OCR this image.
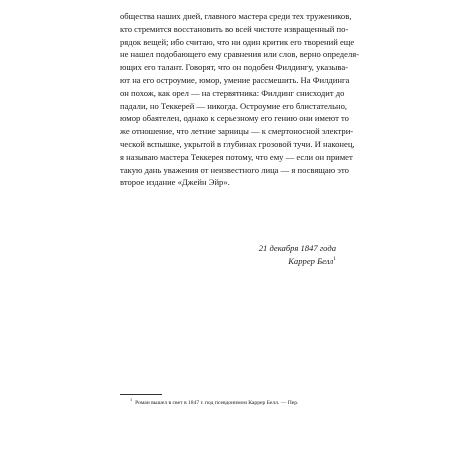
общества наших дней, главного мастера среди тех тружеников,
кто стремится восстановить во всей чистоте извращенный по-
рядок вещей; ибо считаю, что ни один критик его творений еще
не нашел подобающего ему сравнения или слов, верно определя-
ющих его талант. Говорят, что он подобен Филдингу, указыва-
ют на его остроумие, юмор, умение рассмешить. На Филдинга
он похож, как орел — на стервятника: Филдинг снисходит до
падали, но Теккерей — никогда. Остроумие его блистательно,
юмор обаятелен, однако к серьезному его гению они имеют то
же отношение, что летние зарницы — к смертоносной электри-
ческой вспышке, укрытой в глубинах грозовой тучи. И наконец,
я называю мастера Теккерея потому, что ему — если он примет
такую дань уважения от неизвестного лица — я посвящаю это
второе издание «Джейн Эйр».
21 декабря 1847 года
Каррер Белл$^1$
$^1$Роман вышел в свет в 1847 г. под псевдонимом Каррер Белл. — Пер.
